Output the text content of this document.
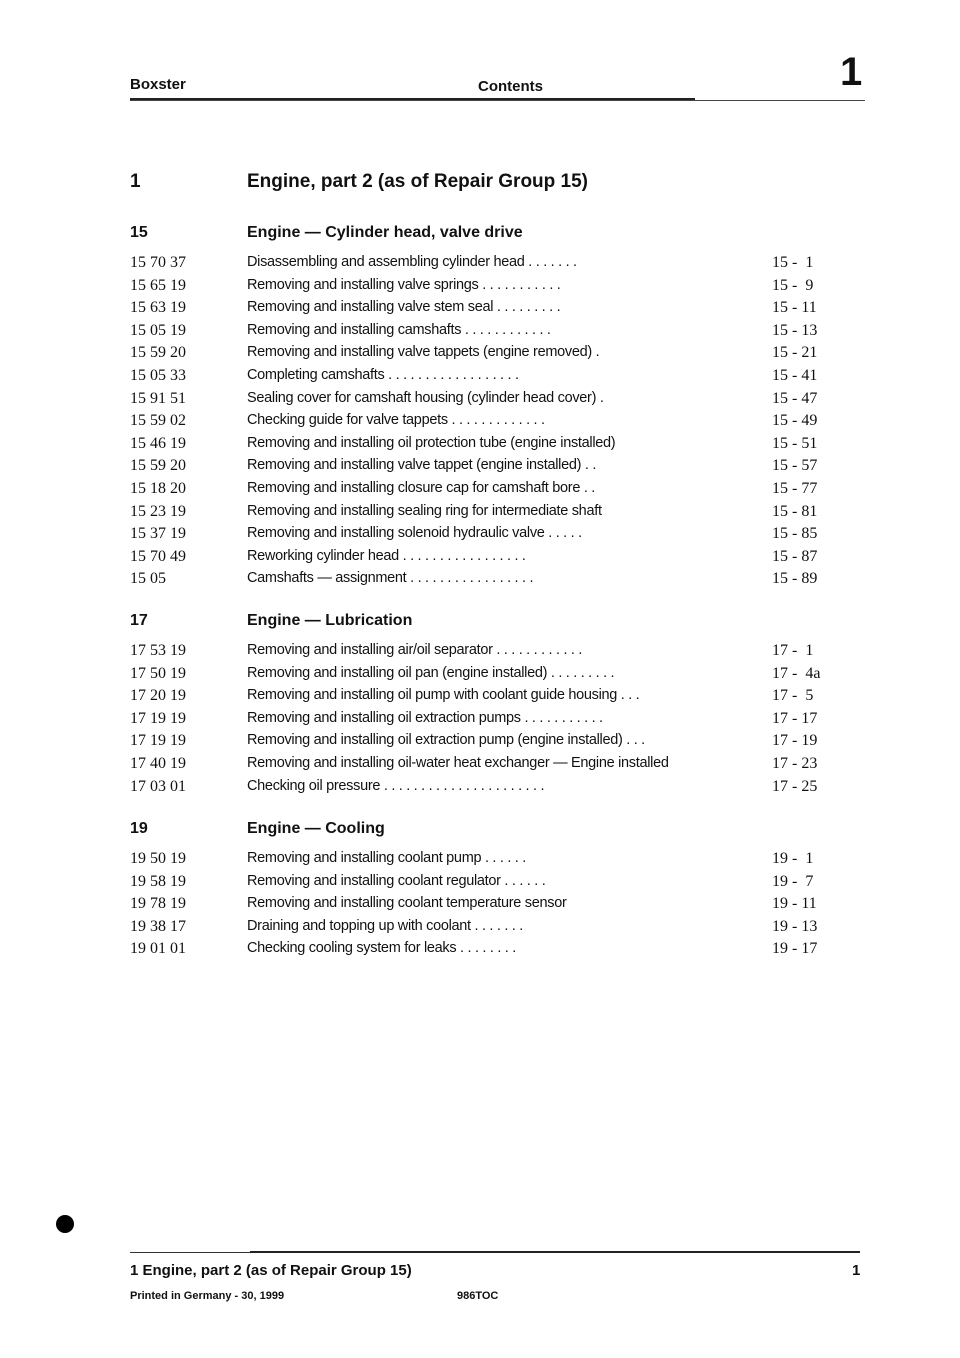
Boxster	Contents	1
1	Engine, part 2 (as of Repair Group 15)
15	Engine — Cylinder head, valve drive
15 70 37	Disassembling and assembling cylinder head . . . . . . .	15 -  1
15 65 19	Removing and installing valve springs . . . . . . . . . . .	15 -  9
15 63 19	Removing and installing valve stem seal . . . . . . . . .	15 - 11
15 05 19	Removing and installing camshafts . . . . . . . . . . . .	15 - 13
15 59 20	Removing and installing valve tappets (engine removed) .	15 - 21
15 05 33	Completing camshafts . . . . . . . . . . . . . . . . . .	15 - 41
15 91 51	Sealing cover for camshaft housing (cylinder head cover) .	15 - 47
15 59 02	Checking guide for valve tappets . . . . . . . . . . . . .	15 - 49
15 46 19	Removing and installing oil protection tube (engine installed)	15 - 51
15 59 20	Removing and installing valve tappet (engine installed) . .	15 - 57
15 18 20	Removing and installing closure cap for camshaft bore . .	15 - 77
15 23 19	Removing and installing sealing ring for intermediate shaft	15 - 81
15 37 19	Removing and installing solenoid hydraulic valve . . . . .	15 - 85
15 70 49	Reworking cylinder head . . . . . . . . . . . . . . . . .	15 - 87
15 05	Camshafts — assignment . . . . . . . . . . . . . . . . .	15 - 89
17	Engine — Lubrication
17 53 19	Removing and installing air/oil separator . . . . . . . . . . . .	17 -  1
17 50 19	Removing and installing oil pan (engine installed) . . . . . . . . .	17 -  4a
17 20 19	Removing and installing oil pump with coolant guide housing . . .	17 -  5
17 19 19	Removing and installing oil extraction pumps . . . . . . . . . . .	17 - 17
17 19 19	Removing and installing oil extraction pump (engine installed) . . .	17 - 19
17 40 19	Removing and installing oil-water heat exchanger — Engine installed	17 - 23
17 03 01	Checking oil pressure . . . . . . . . . . . . . . . . . . . . . .	17 - 25
19	Engine — Cooling
19 50 19	Removing and installing coolant pump . . . . . .	19 -  1
19 58 19	Removing and installing coolant regulator . . . . . .	19 -  7
19 78 19	Removing and installing coolant temperature sensor	19 - 11
19 38 17	Draining and topping up with coolant . . . . . . .	19 - 13
19 01 01	Checking cooling system for leaks . . . . . . . .	19 - 17
1 Engine, part 2 (as of Repair Group 15)	1
Printed in Germany - 30, 1999	986TOC
